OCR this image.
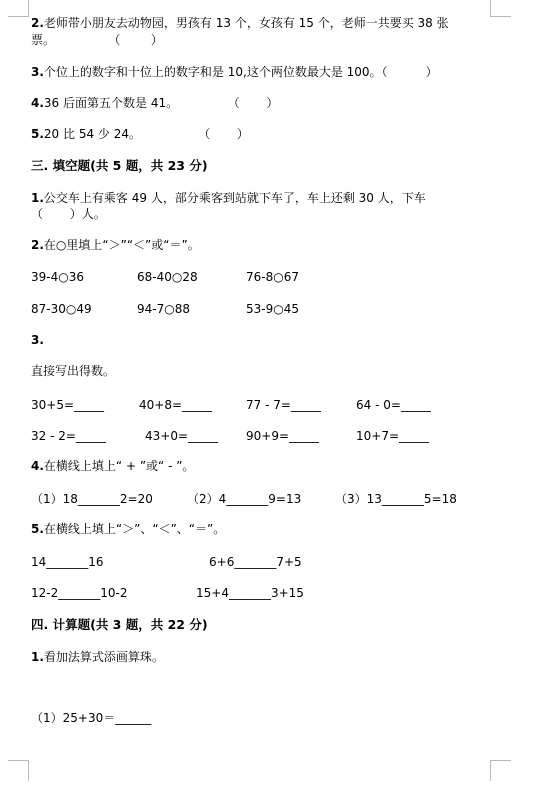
2.老师带小朋友去动物园，男孩有 13 个，女孩有 15 个，老师一共要买 38 张
票。              （        ）
3.个位上的数字和十位上的数字和是 10,这个两位数最大是 100。（          ）
4.36 后面第五个数是 41。             （       ）
5.20 比 54 少 24。               （       ）
三. 填空题(共 5 题，共 23 分)
1.公交车上有乘客 49 人，部分乘客到站就下车了，车上还剩 30 人，下车
（       ）人。
2.在○里填上“＞”“＜”或“＝”。
39-4○36	68-40○28	76-8○67
87-30○49	94-7○88	53-9○45
3.
直接写出得数。
30+5=_____	40+8=_____	77 - 7=_____	64 - 0=_____
32 - 2=_____	43+0=_____ 90+9=_____	10+7=_____
4.在横线上填上“ + ”或“ - ”。
（1）18_______2=20	（2）4_______9=13	（3）13_______5=18
5.在横线上填上“＞”、“＜”、“＝”。
14_______16	6+6_______7+5
12-2_______10-2	15+4_______3+15
四. 计算题(共 3 题，共 22 分)
1.看加法算式添画算珠。
（1）25+30＝______
